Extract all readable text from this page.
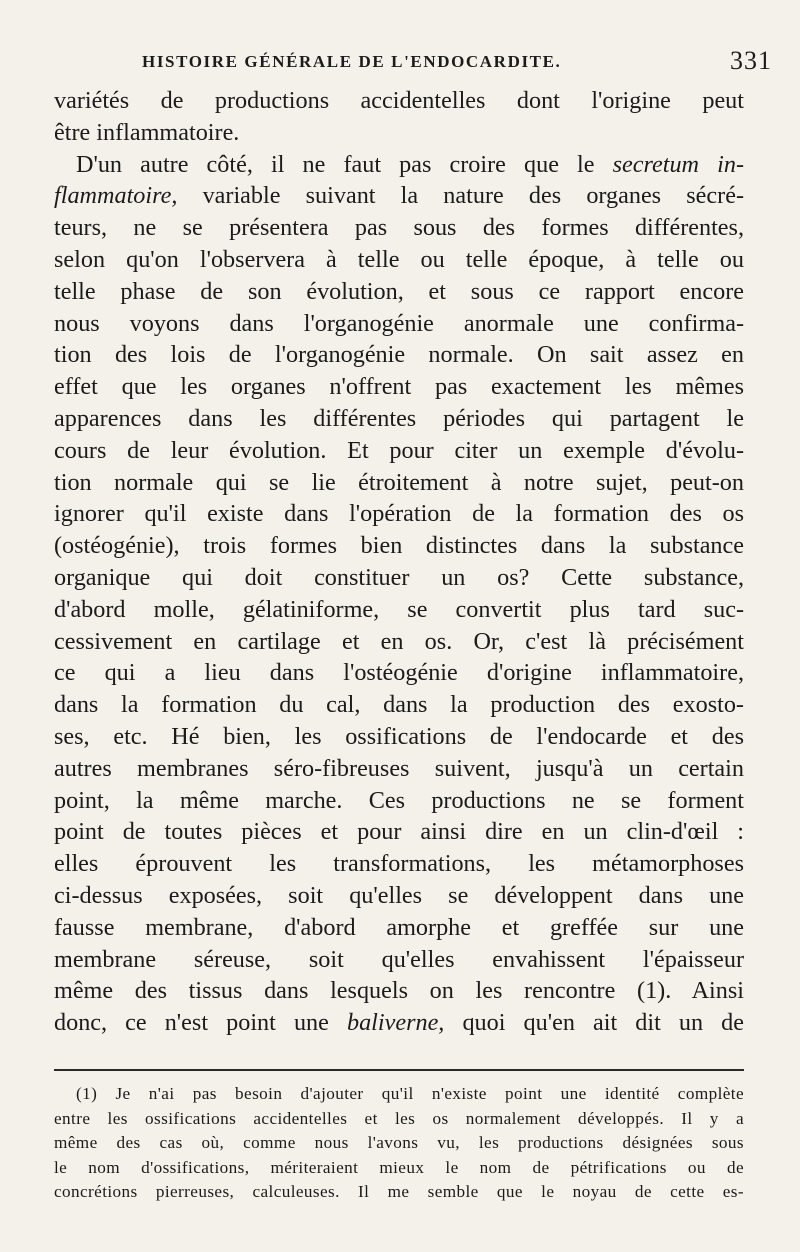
HISTOIRE GÉNÉRALE DE L'ENDOCARDITE.	331
variétés de productions accidentelles dont l'origine peut
être inflammatoire.
D'un autre côté, il ne faut pas croire que le secretum in-
flammatoire, variable suivant la nature des organes sécré-
teurs, ne se présentera pas sous des formes différentes,
selon qu'on l'observera à telle ou telle époque, à telle ou
telle phase de son évolution, et sous ce rapport encore
nous voyons dans l'organogénie anormale une confirma-
tion des lois de l'organogénie normale. On sait assez en
effet que les organes n'offrent pas exactement les mêmes
apparences dans les différentes périodes qui partagent le
cours de leur évolution. Et pour citer un exemple d'évolu-
tion normale qui se lie étroitement à notre sujet, peut-on
ignorer qu'il existe dans l'opération de la formation des os
(ostéogénie), trois formes bien distinctes dans la substance
organique qui doit constituer un os? Cette substance,
d'abord molle, gélatiniforme, se convertit plus tard suc-
cessivement en cartilage et en os. Or, c'est là précisément
ce qui a lieu dans l'ostéogénie d'origine inflammatoire,
dans la formation du cal, dans la production des exosto-
ses, etc. Hé bien, les ossifications de l'endocarde et des
autres membranes séro-fibreuses suivent, jusqu'à un certain
point, la même marche. Ces productions ne se forment
point de toutes pièces et pour ainsi dire en un clin-d'œil :
elles éprouvent les transformations, les métamorphoses
ci-dessus exposées, soit qu'elles se développent dans une
fausse membrane, d'abord amorphe et greffée sur une
membrane séreuse, soit qu'elles envahissent l'épaisseur
même des tissus dans lesquels on les rencontre (1). Ainsi
donc, ce n'est point une baliverne, quoi qu'en ait dit un de
(1) Je n'ai pas besoin d'ajouter qu'il n'existe point une identité complète
entre les ossifications accidentelles et les os normalement développés. Il y a
même des cas où, comme nous l'avons vu, les productions désignées sous
le nom d'ossifications, mériteraient mieux le nom de pétrifications ou de
concrétions pierreuses, calculeuses. Il me semble que le noyau de cette es-
